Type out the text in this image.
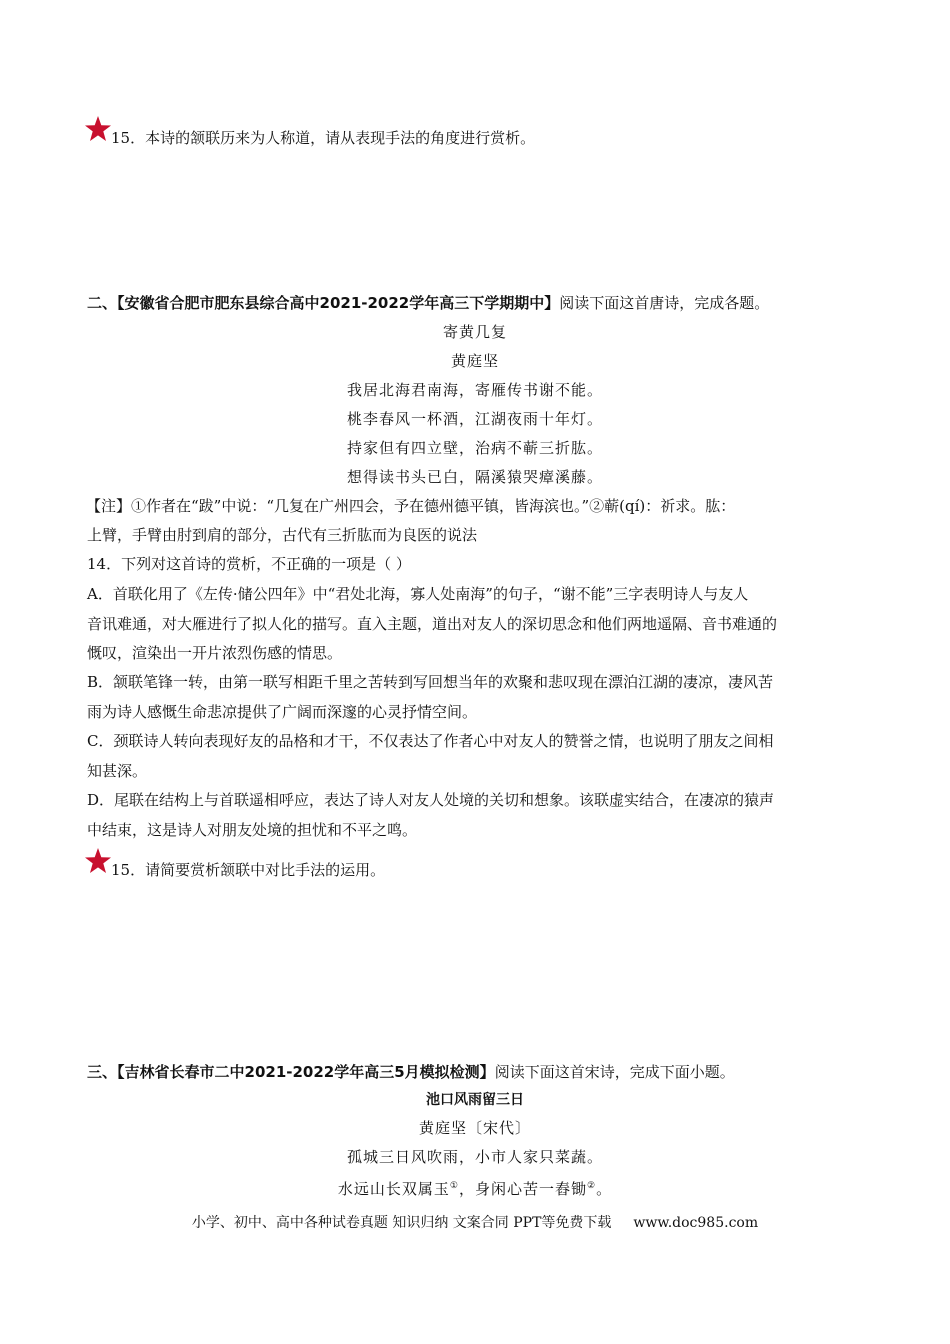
15．本诗的颔联历来为人称道，请从表现手法的角度进行赏析。
二、【安徽省合肥市肥东县综合高中2021-2022学年高三下学期期中】阅读下面这首唐诗，完成各题。
寄黄几复
黄庭坚
我居北海君南海，寄雁传书谢不能。
桃李春风一杯酒，江湖夜雨十年灯。
持家但有四立壁，治病不蕲三折肱。
想得读书头已白，隔溪猿哭瘴溪藤。
【注】①作者在“跋”中说：“几复在广州四会，予在德州德平镇，皆海滨也。”②蕲(qí)：祈求。肱：
上臂，手臂由肘到肩的部分，古代有三折肱而为良医的说法
14．下列对这首诗的赏析，不正确的一项是（ ）
A．首联化用了《左传·储公四年》中“君处北海，寡人处南海”的句子，“谢不能”三字表明诗人与友人
音讯难通，对大雁进行了拟人化的描写。直入主题，道出对友人的深切思念和他们两地遥隔、音书难通的
慨叹，渲染出一开片浓烈伤感的情思。
B．颔联笔锋一转，由第一联写相距千里之苦转到写回想当年的欢聚和悲叹现在漂泊江湖的凄凉，凄风苦
雨为诗人感慨生命悲凉提供了广阔而深邃的心灵抒情空间。
C．颈联诗人转向表现好友的品格和才干，不仅表达了作者心中对友人的赞誉之情，也说明了朋友之间相
知甚深。
D．尾联在结构上与首联遥相呼应，表达了诗人对友人处境的关切和想象。该联虚实结合，在凄凉的猿声
中结束，这是诗人对朋友处境的担忧和不平之鸣。
15．请简要赏析颔联中对比手法的运用。
三、【吉林省长春市二中2021-2022学年高三5月模拟检测】阅读下面这首宋诗，完成下面小题。
池口风雨留三日
黄庭坚〔宋代〕
孤城三日风吹雨，小市人家只菜蔬。
水远山长双属玉①，身闲心苦一舂锄②。
小学、初中、高中各种试卷真题 知识归纳 文案合同 PPT等免费下载 www.doc985.com
